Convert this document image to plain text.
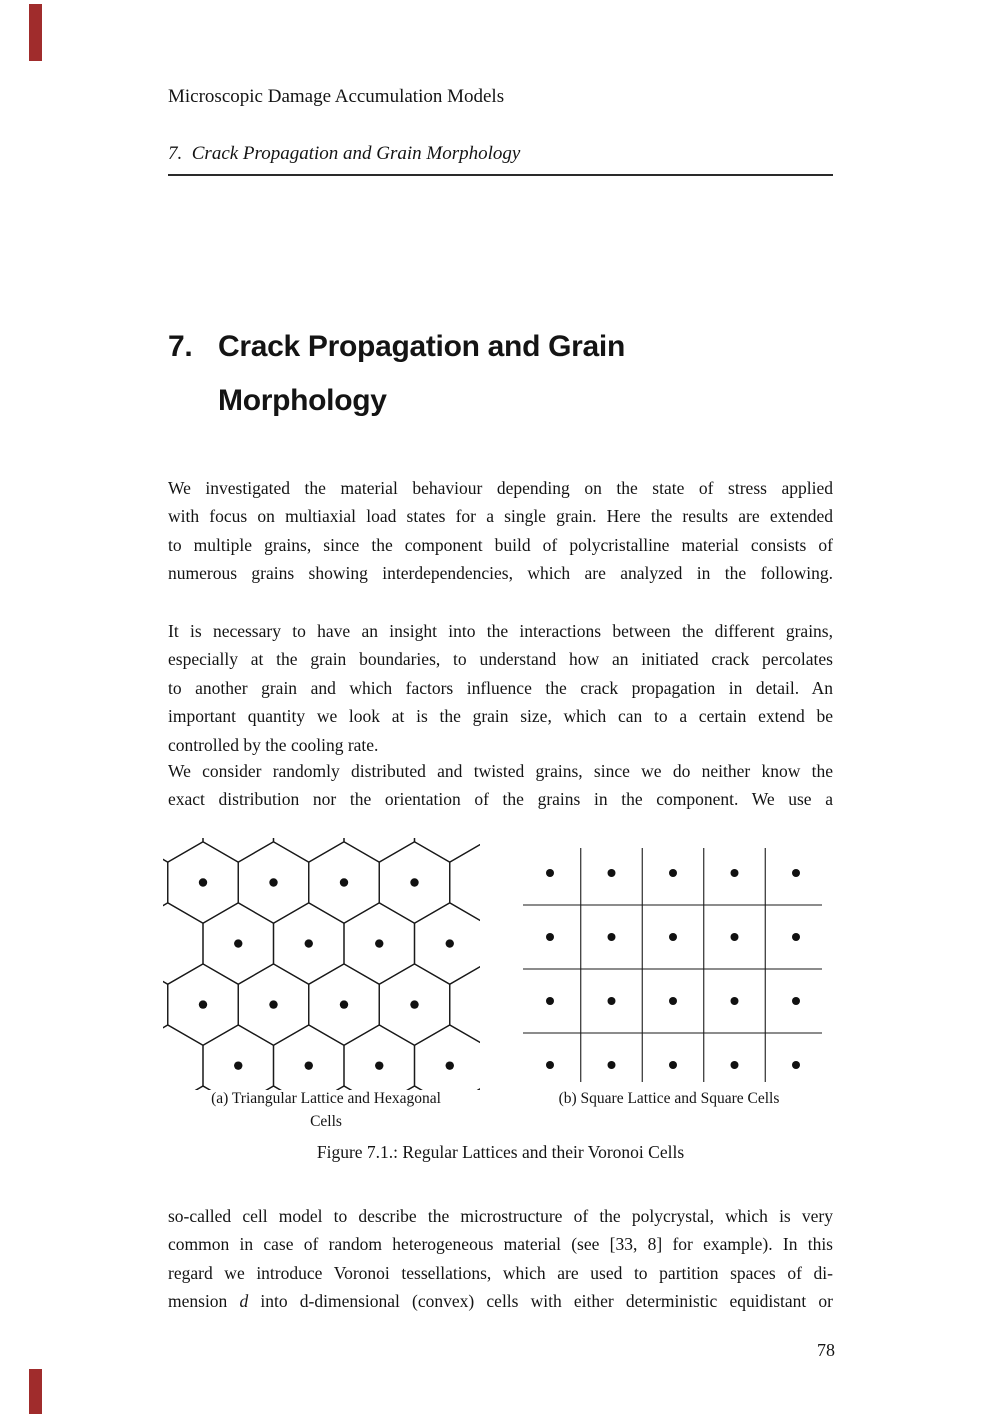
Microscopic Damage Accumulation Models
7.  Crack Propagation and Grain Morphology
7. Crack Propagation and Grain
Morphology
We investigated the material behaviour depending on the state of stress applied
with focus on multiaxial load states for a single grain. Here the results are extended
to multiple grains, since the component build of polycristalline material consists of
numerous grains showing interdependencies, which are analyzed in the following.
It is necessary to have an insight into the interactions between the different grains,
especially at the grain boundaries, to understand how an initiated crack percolates
to another grain and which factors influence the crack propagation in detail. An
important quantity we look at is the grain size, which can to a certain extend be
controlled by the cooling rate.
We consider randomly distributed and twisted grains, since we do neither know the
exact distribution nor the orientation of the grains in the component. We use a
(a) Triangular Lattice and Hexagonal
Cells
(b) Square Lattice and Square Cells
Figure 7.1.: Regular Lattices and their Voronoi Cells
so-called cell model to describe the microstructure of the polycrystal, which is very
common in case of random heterogeneous material (see [33, 8] for example). In this
regard we introduce Voronoi tessellations, which are used to partition spaces of di-
mension d into d-dimensional (convex) cells with either deterministic equidistant or
78
